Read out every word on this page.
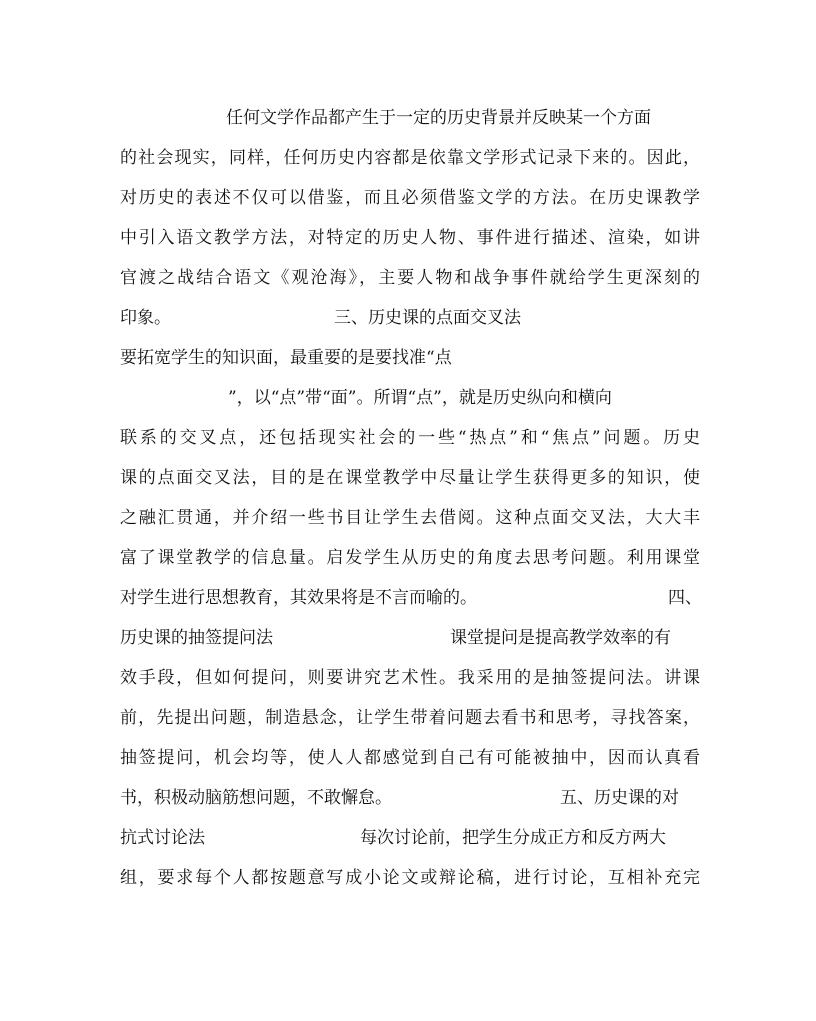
任何文学作品都产生于一定的历史背景并反映某一个方面
的社会现实，同样，任何历史内容都是依靠文学形式记录下来的。因此，
对历史的表述不仅可以借鉴，而且必须借鉴文学的方法。在历史课教学
中引入语文教学方法，对特定的历史人物、事件进行描述、渲染，如讲
官渡之战结合语文《观沧海》，主要人物和战争事件就给学生更深刻的
印象。	三、历史课的点面交叉法
要拓宽学生的知识面，最重要的是要找准“点
”，以“点”带“面”。所谓“点”，就是历史纵向和横向
联系的交叉点，还包括现实社会的一些“热点”和“焦点”问题。历史
课的点面交叉法，目的是在课堂教学中尽量让学生获得更多的知识，使
之融汇贯通，并介绍一些书目让学生去借阅。这种点面交叉法，大大丰
富了课堂教学的信息量。启发学生从历史的角度去思考问题。利用课堂
对学生进行思想教育，其效果将是不言而喻的。	四、
历史课的抽签提问法	课堂提问是提高教学效率的有
效手段，但如何提问，则要讲究艺术性。我采用的是抽签提问法。讲课
前，先提出问题，制造悬念，让学生带着问题去看书和思考，寻找答案，
抽签提问，机会均等，使人人都感觉到自己有可能被抽中，因而认真看
书，积极动脑筋想问题，不敢懈怠。	五、历史课的对
抗式讨论法	每次讨论前，把学生分成正方和反方两大
组，要求每个人都按题意写成小论文或辩论稿，进行讨论，互相补充完
